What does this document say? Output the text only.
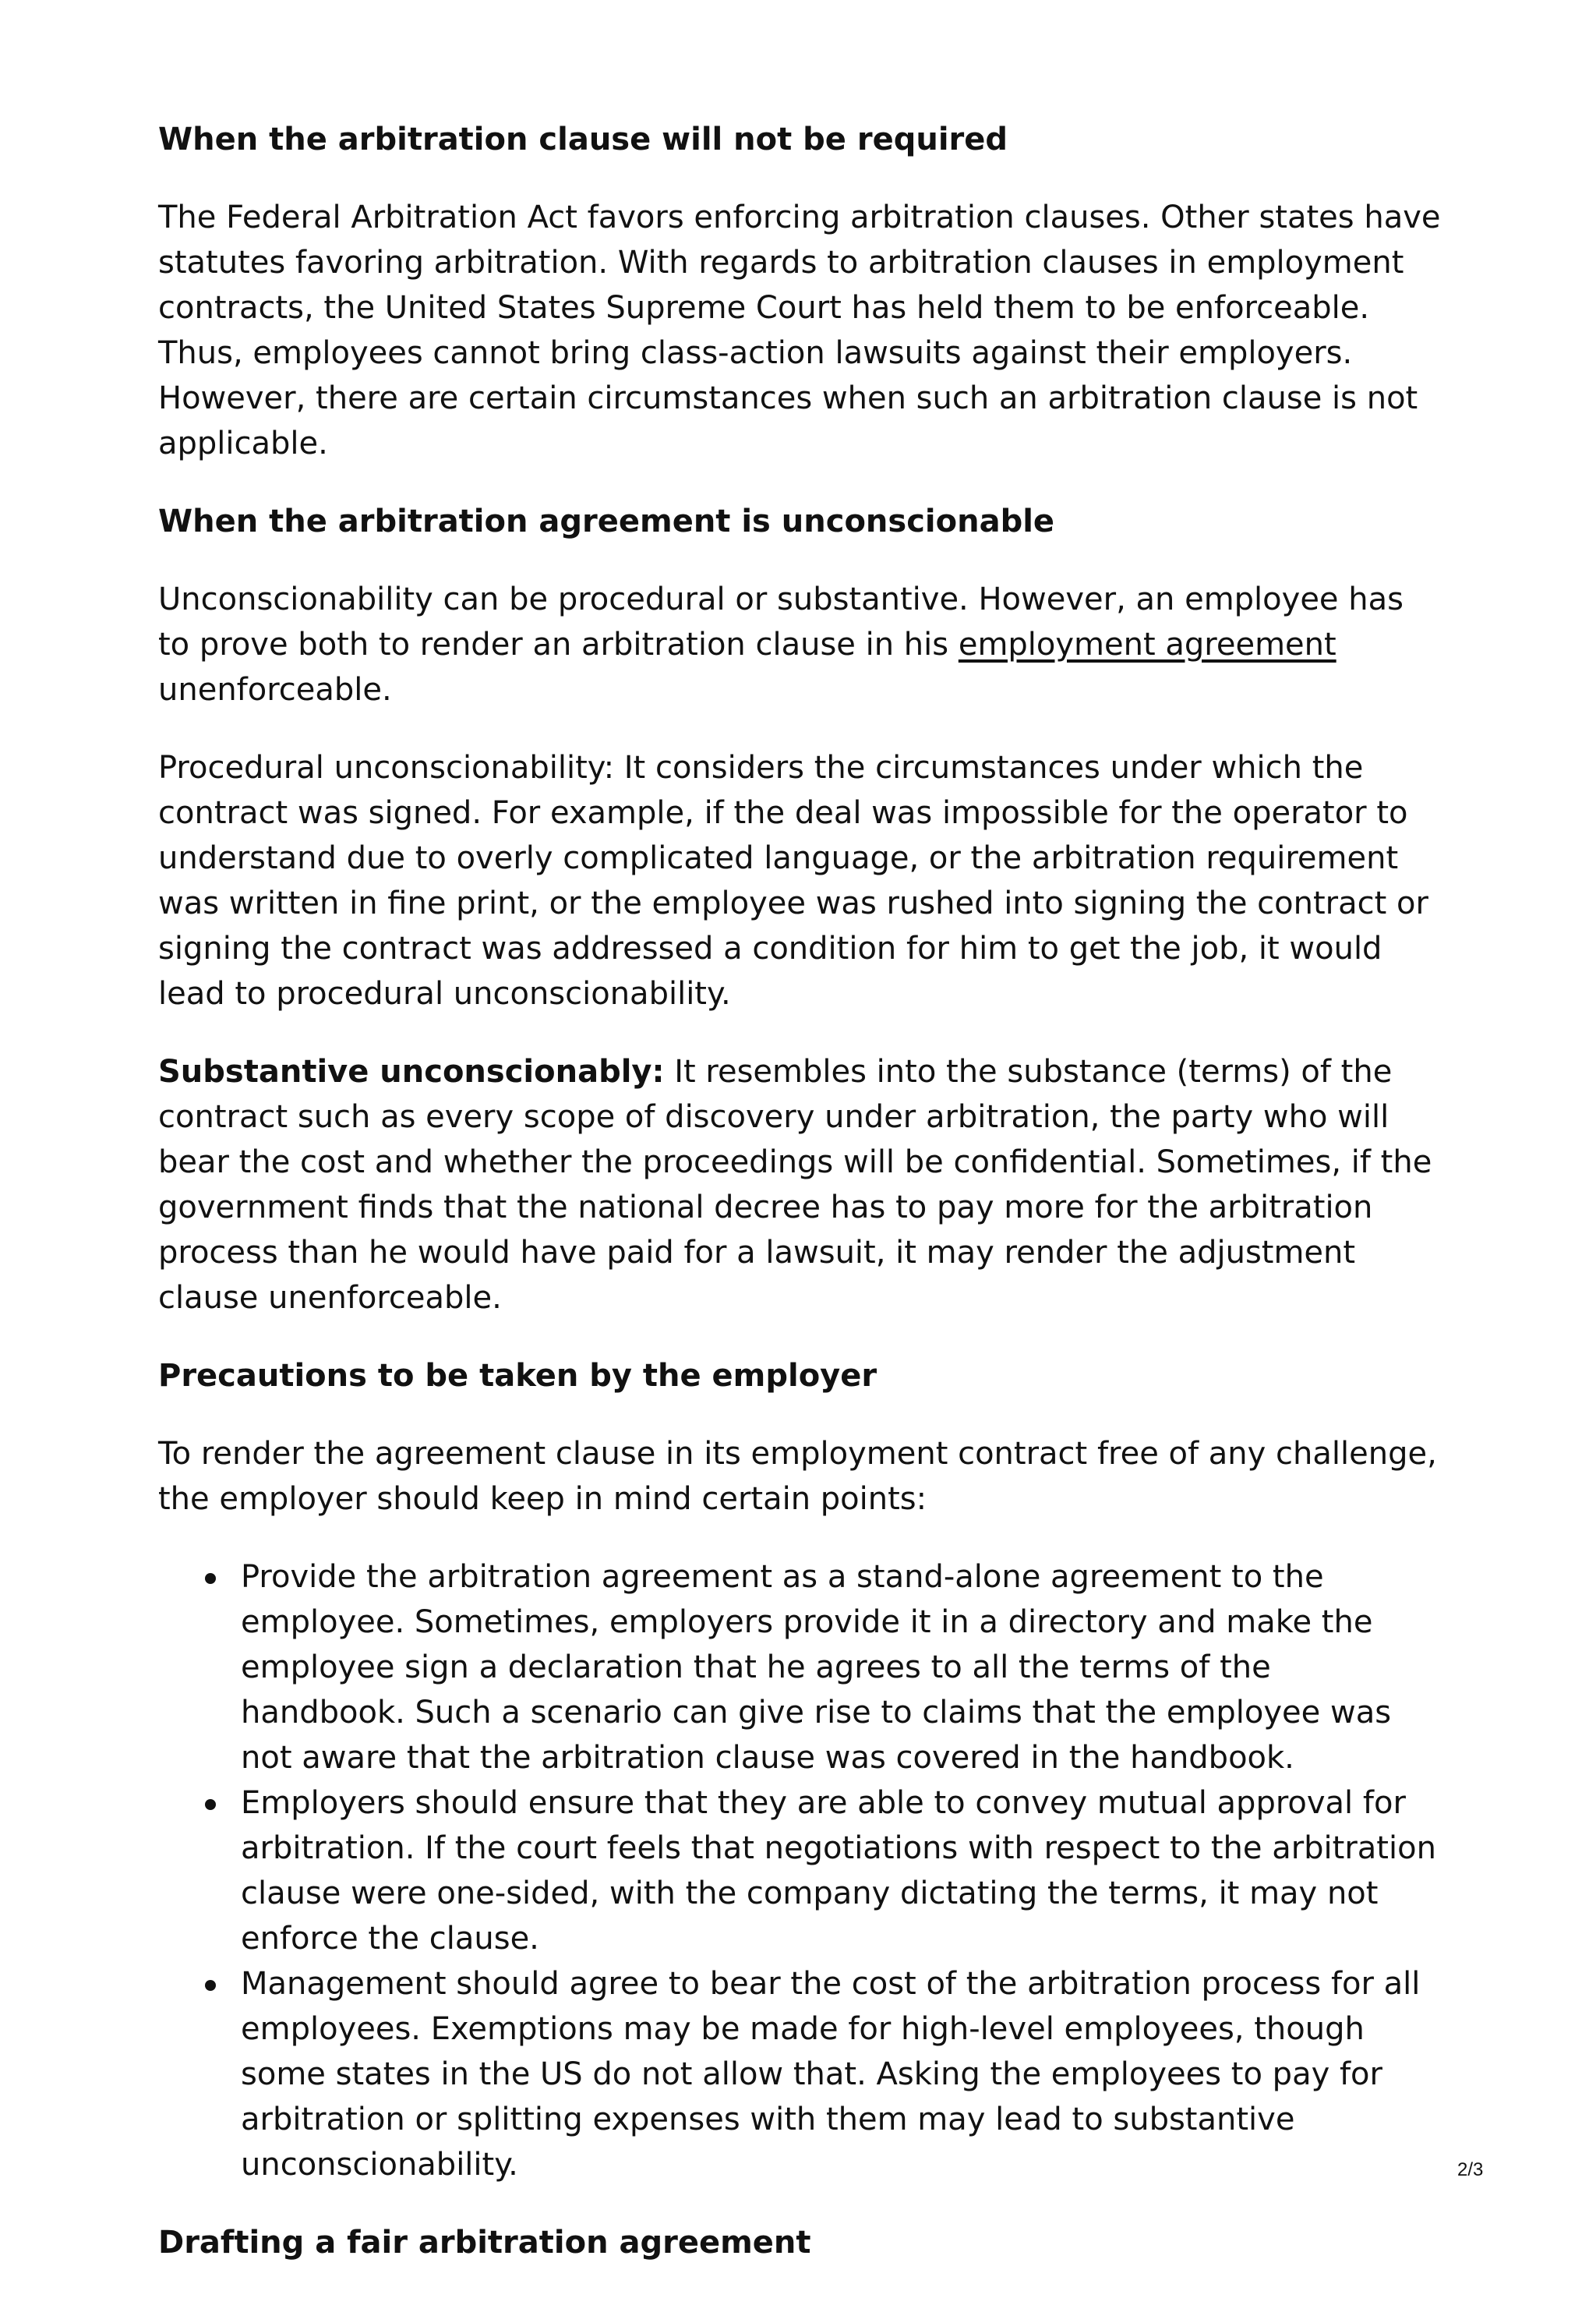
When the arbitration clause will not be required

The Federal Arbitration Act favors enforcing arbitration clauses. Other states have statutes favoring arbitration. With regards to arbitration clauses in employment contracts, the United States Supreme Court has held them to be enforceable. Thus, employees cannot bring class-action lawsuits against their employers. However, there are certain circumstances when such an arbitration clause is not applicable.

When the arbitration agreement is unconscionable

Unconscionability can be procedural or substantive. However, an employee has to prove both to render an arbitration clause in his employment agreement unenforceable.

Procedural unconscionability: It considers the circumstances under which the contract was signed. For example, if the deal was impossible for the operator to understand due to overly complicated language, or the arbitration requirement was written in fine print, or the employee was rushed into signing the contract or signing the contract was addressed a condition for him to get the job, it would lead to procedural unconscionability.

Substantive unconscionably: It resembles into the substance (terms) of the contract such as every scope of discovery under arbitration, the party who will bear the cost and whether the proceedings will be confidential. Sometimes, if the government finds that the national decree has to pay more for the arbitration process than he would have paid for a lawsuit, it may render the adjustment clause unenforceable.

Precautions to be taken by the employer

To render the agreement clause in its employment contract free of any challenge, the employer should keep in mind certain points:

Provide the arbitration agreement as a stand-alone agreement to the employee. Sometimes, employers provide it in a directory and make the employee sign a declaration that he agrees to all the terms of the handbook. Such a scenario can give rise to claims that the employee was not aware that the arbitration clause was covered in the handbook.
Employers should ensure that they are able to convey mutual approval for arbitration. If the court feels that negotiations with respect to the arbitration clause were one-sided, with the company dictating the terms, it may not enforce the clause.
Management should agree to bear the cost of the arbitration process for all employees. Exemptions may be made for high-level employees, though some states in the US do not allow that. Asking the employees to pay for arbitration or splitting expenses with them may lead to substantive unconscionability.
Drafting a fair arbitration agreement
2/3
